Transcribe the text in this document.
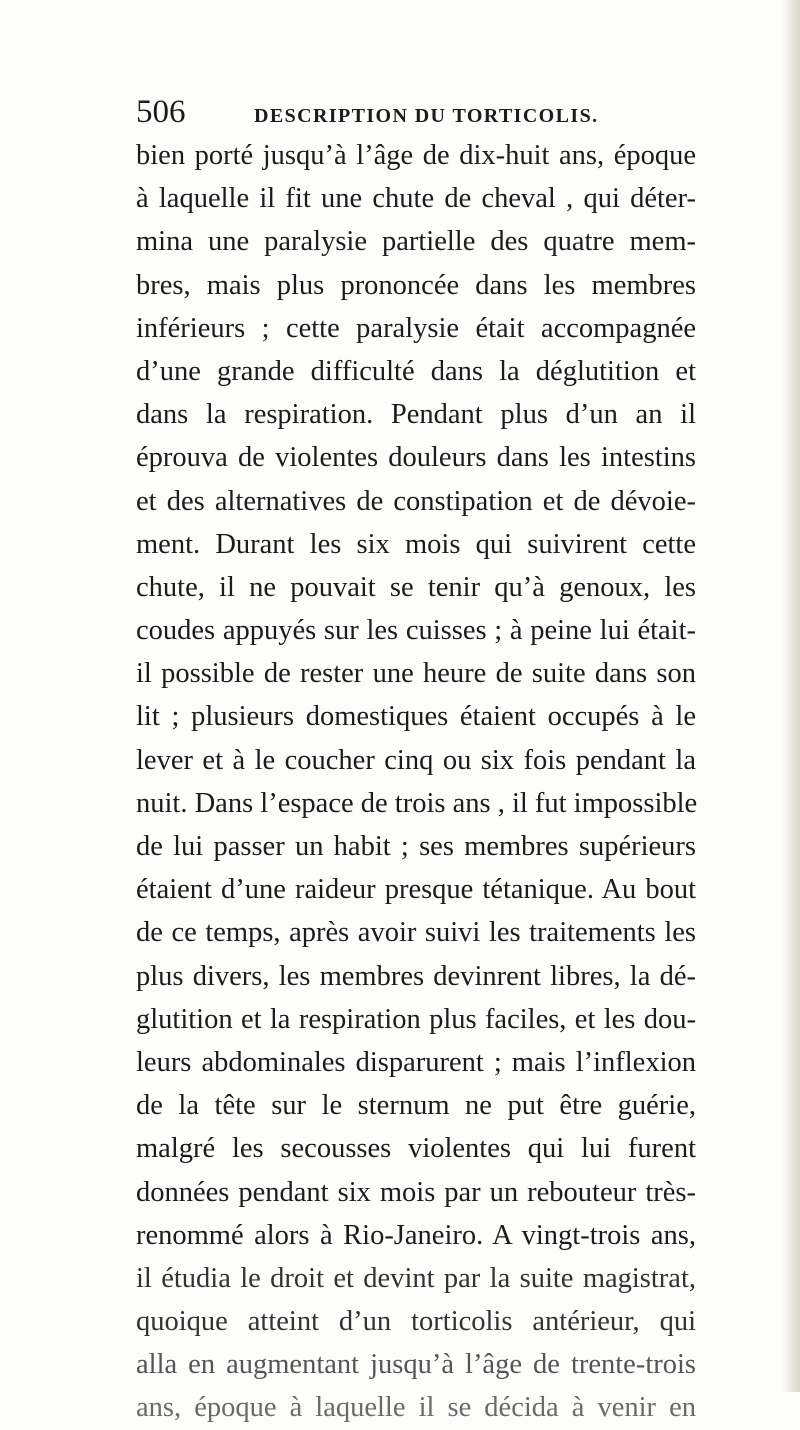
506	DESCRIPTION DU TORTICOLIS.
bien porté jusqu’à l’âge de dix-huit ans, époque
à laquelle il fit une chute de cheval , qui déter-
mina une paralysie partielle des quatre mem-
bres, mais plus prononcée dans les membres
inférieurs ; cette paralysie était accompagnée
d’une grande difficulté dans la déglutition et
dans la respiration. Pendant plus d’un an il
éprouva de violentes douleurs dans les intestins
et des alternatives de constipation et de dévoie-
ment. Durant les six mois qui suivirent cette
chute, il ne pouvait se tenir qu’à genoux, les
coudes appuyés sur les cuisses ; à peine lui était-
il possible de rester une heure de suite dans son
lit ; plusieurs domestiques étaient occupés à le
lever et à le coucher cinq ou six fois pendant la
nuit. Dans l’espace de trois ans , il fut impossible
de lui passer un habit ; ses membres supérieurs
étaient d’une raideur presque tétanique. Au bout
de ce temps, après avoir suivi les traitements les
plus divers, les membres devinrent libres, la dé-
glutition et la respiration plus faciles, et les dou-
leurs abdominales disparurent ; mais l’inflexion
de la tête sur le sternum ne put être guérie,
malgré les secousses violentes qui lui furent
données pendant six mois par un rebouteur très-
renommé alors à Rio-Janeiro. A vingt-trois ans,
il étudia le droit et devint par la suite magistrat,
quoique atteint d’un torticolis antérieur, qui
alla en augmentant jusqu’à l’âge de trente-trois
ans, époque à laquelle il se décida à venir en
